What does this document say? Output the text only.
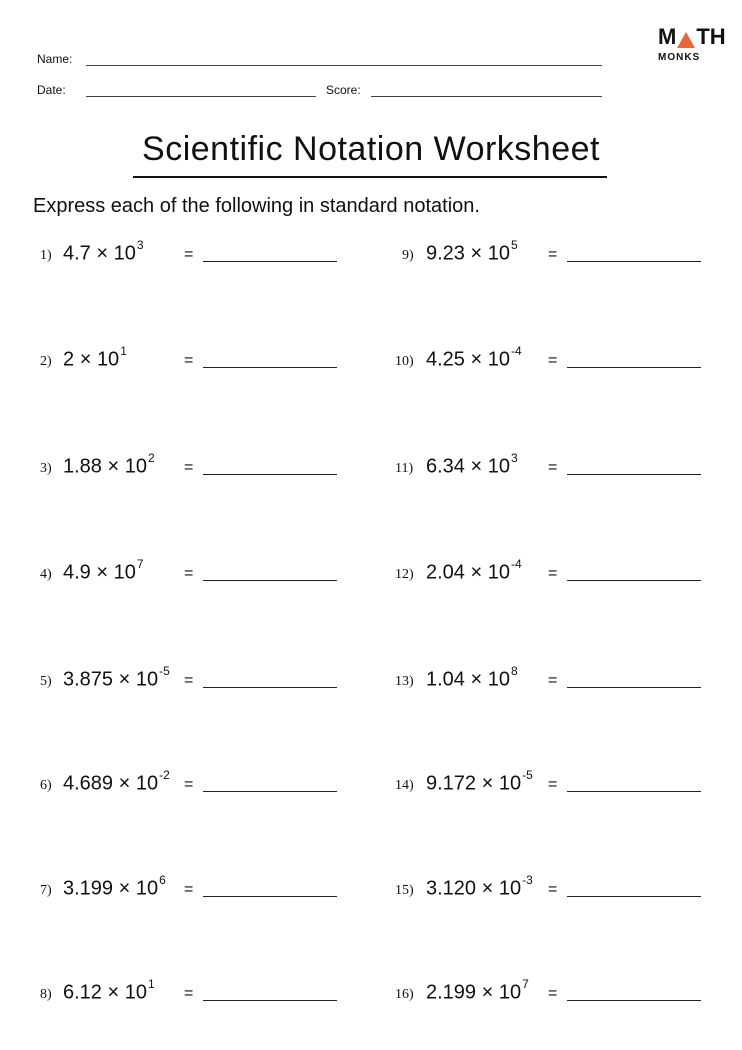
Name:
Date:	Score:
M TH
MONKS
Scientific Notation Worksheet
Express each of the following in standard notation.
1) $4.7 \times 10^3$
=
2) $2 \times 10^1$
=
3) $1.88 \times 10^2$
=
4) $4.9 \times 10^7$
=
5) $3.875 \times 10^{-5}$
=
6) $4.689 \times 10^{-2}$
=
7) $3.199 \times 10^6$
=
8) $6.12 \times 10^1$
=
9) $9.23 \times 10^5$
=
10) $4.25 \times 10^{-4}$
=
11) $6.34 \times 10^3$
=
12) $2.04 \times 10^{-4}$
=
13) $1.04 \times 10^8$
=
14) $9.172 \times 10^{-5}$
=
15) $3.120 \times 10^{-3}$
=
16) $2.199 \times 10^7$
=
